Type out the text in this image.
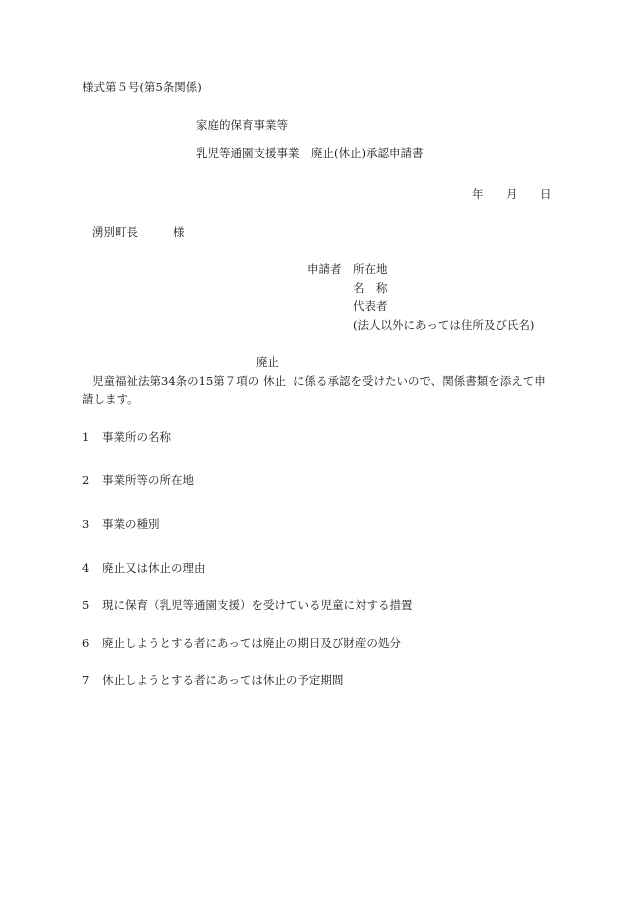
様式第５号(第5条関係)
家庭的保育事業等
乳児等通園支援事業　廃止(休止)承認申請書
年 月 日
湧別町長	様
申請者 所在地
名　称
代表者
(法人以外にあっては住所及び氏名)
廃止
児童福祉法第34条の15第７項の 休止 に係る承認を受けたいので、関係書類を添えて申
請します。
1 事業所の名称
2 事業所等の所在地
3 事業の種別
4 廃止又は休止の理由
5 現に保育（乳児等通園支援）を受けている児童に対する措置
6 廃止しようとする者にあっては廃止の期日及び財産の処分
7 休止しようとする者にあっては休止の予定期間
